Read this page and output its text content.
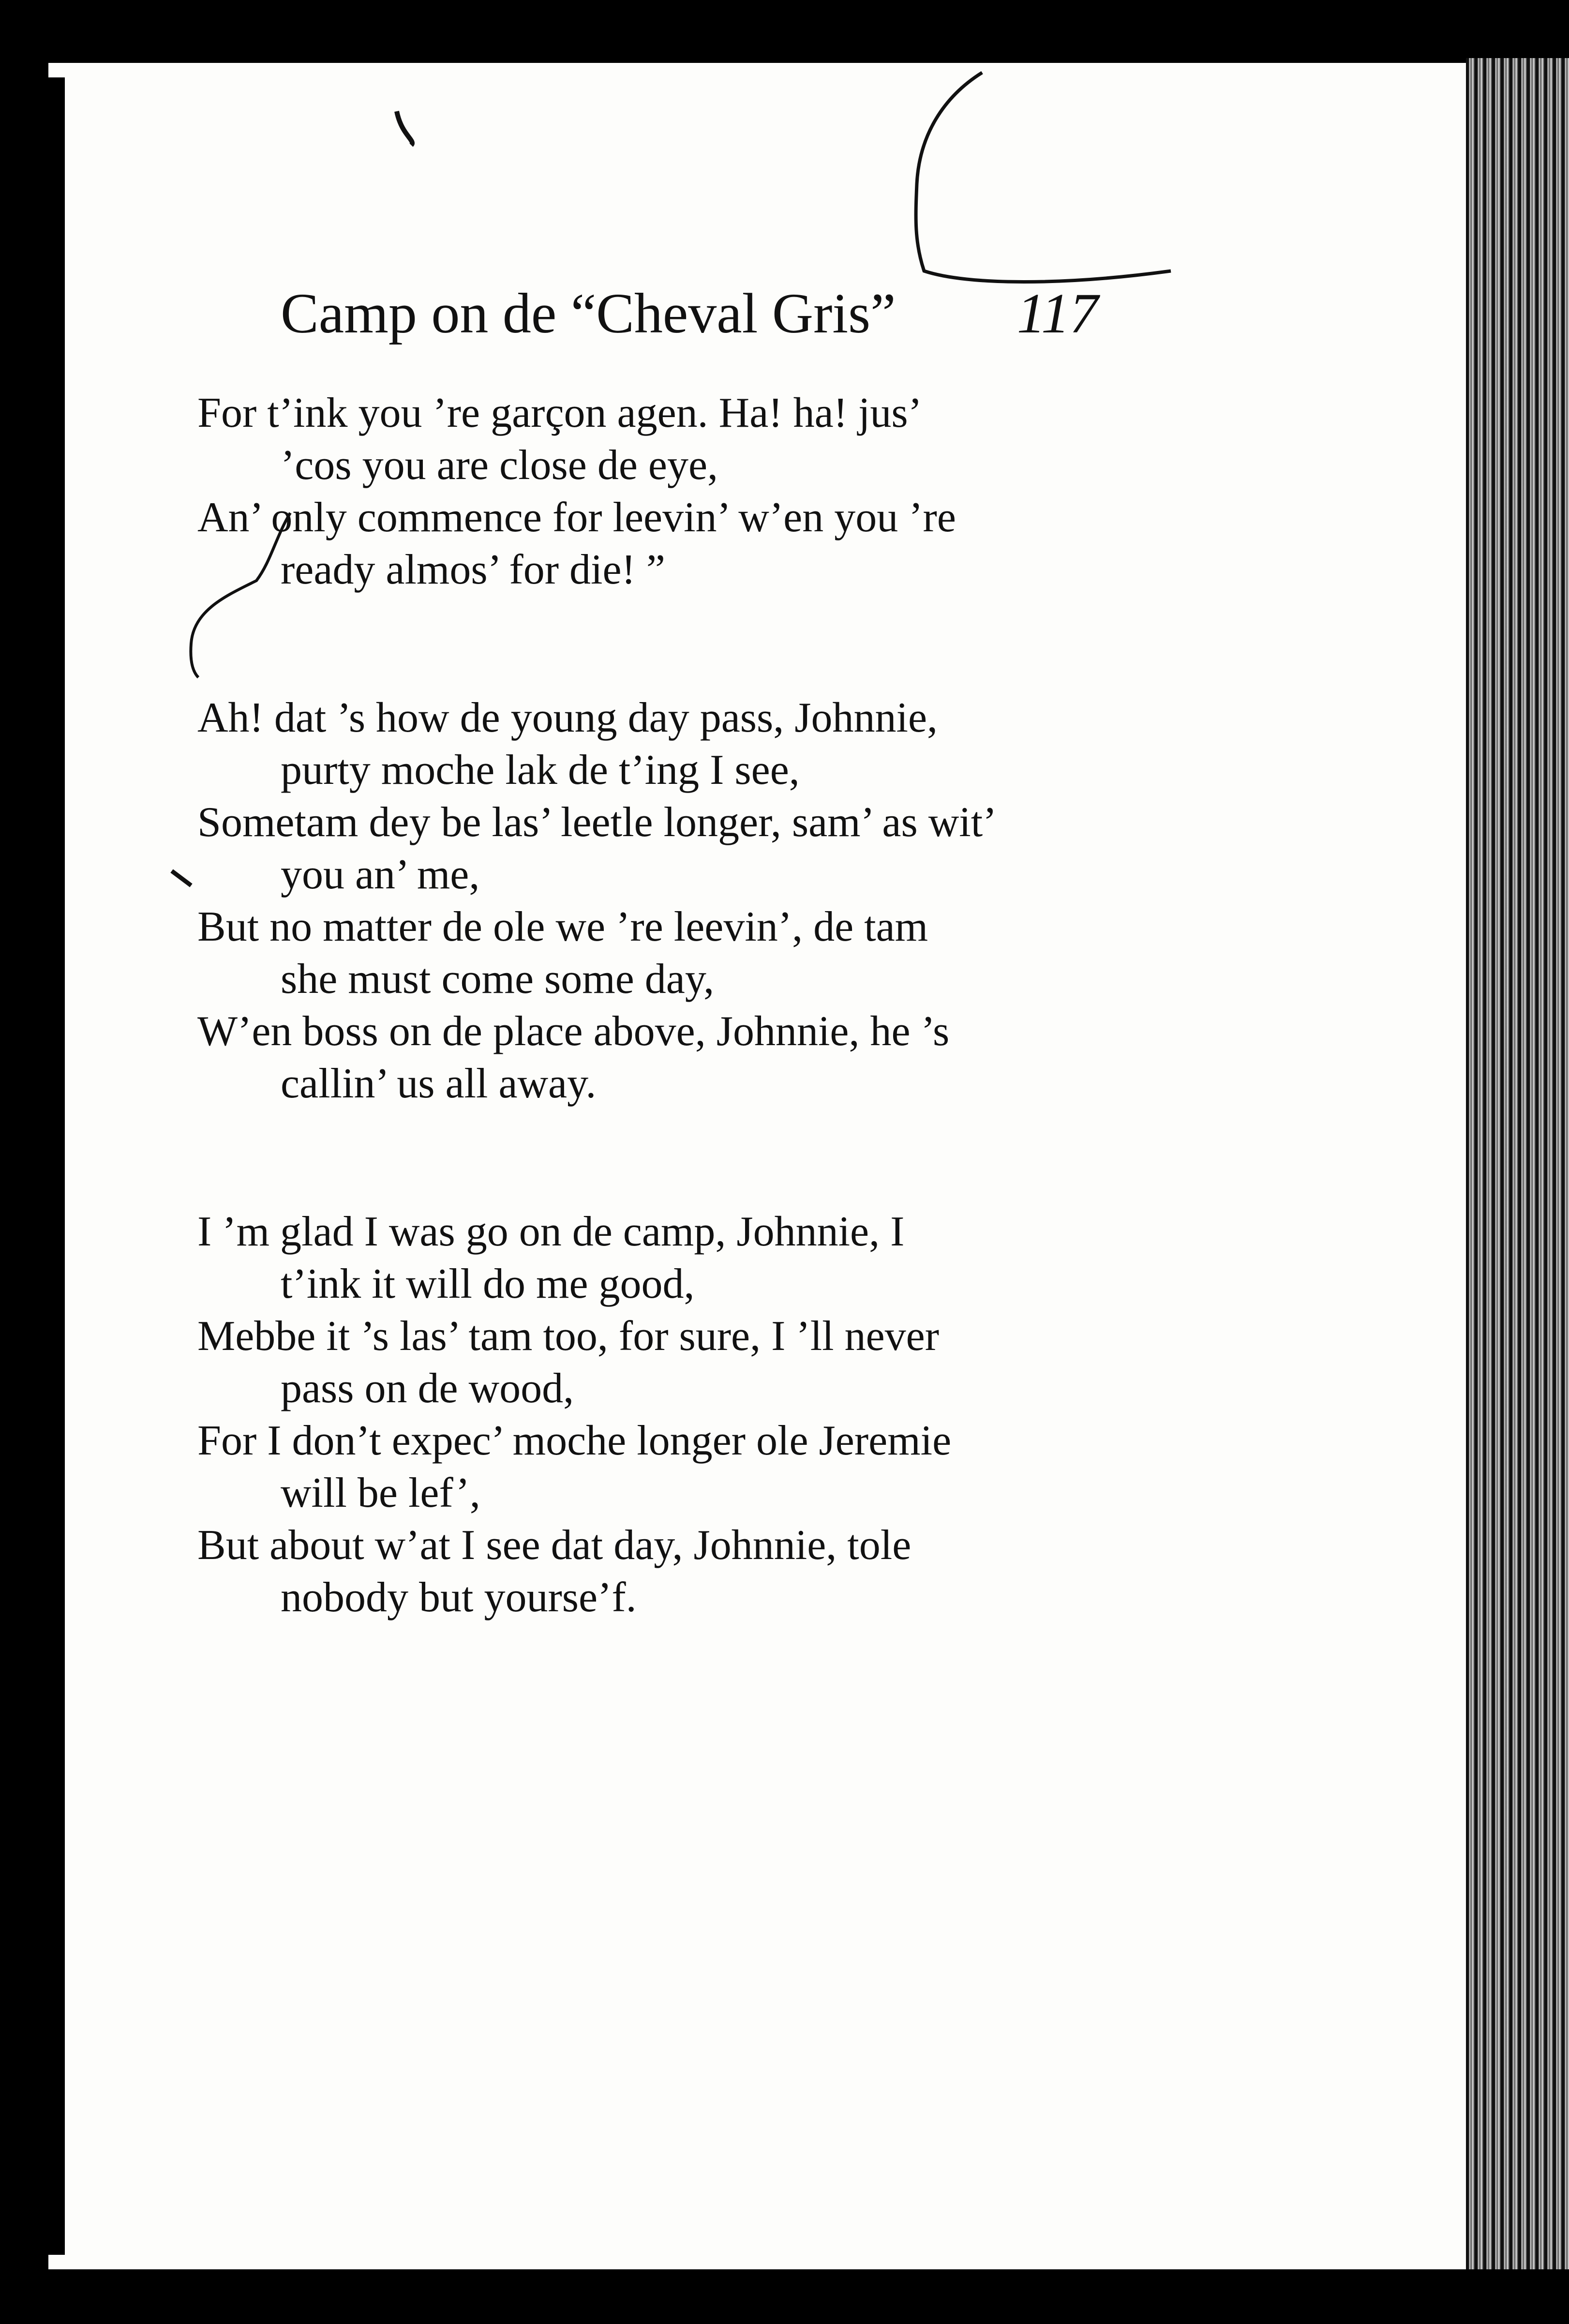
Camp on de “Cheval Gris” 117
For t’ink you ’re garçon agen. Ha! ha! jus’
’cos you are close de eye,
An’ only commence for leevin’ w’en you ’re
ready almos’ for die! ”
Ah! dat ’s how de young day pass, Johnnie,
purty moche lak de t’ing I see,
Sometam dey be las’ leetle longer, sam’ as wit’
you an’ me,
But no matter de ole we ’re leevin’, de tam
she must come some day,
W’en boss on de place above, Johnnie, he ’s
callin’ us all away.
I ’m glad I was go on de camp, Johnnie, I
t’ink it will do me good,
Mebbe it ’s las’ tam too, for sure, I ’ll never
pass on de wood,
For I don’t expec’ moche longer ole Jeremie
will be lef’,
But about w’at I see dat day, Johnnie, tole
nobody but yourse’f.
